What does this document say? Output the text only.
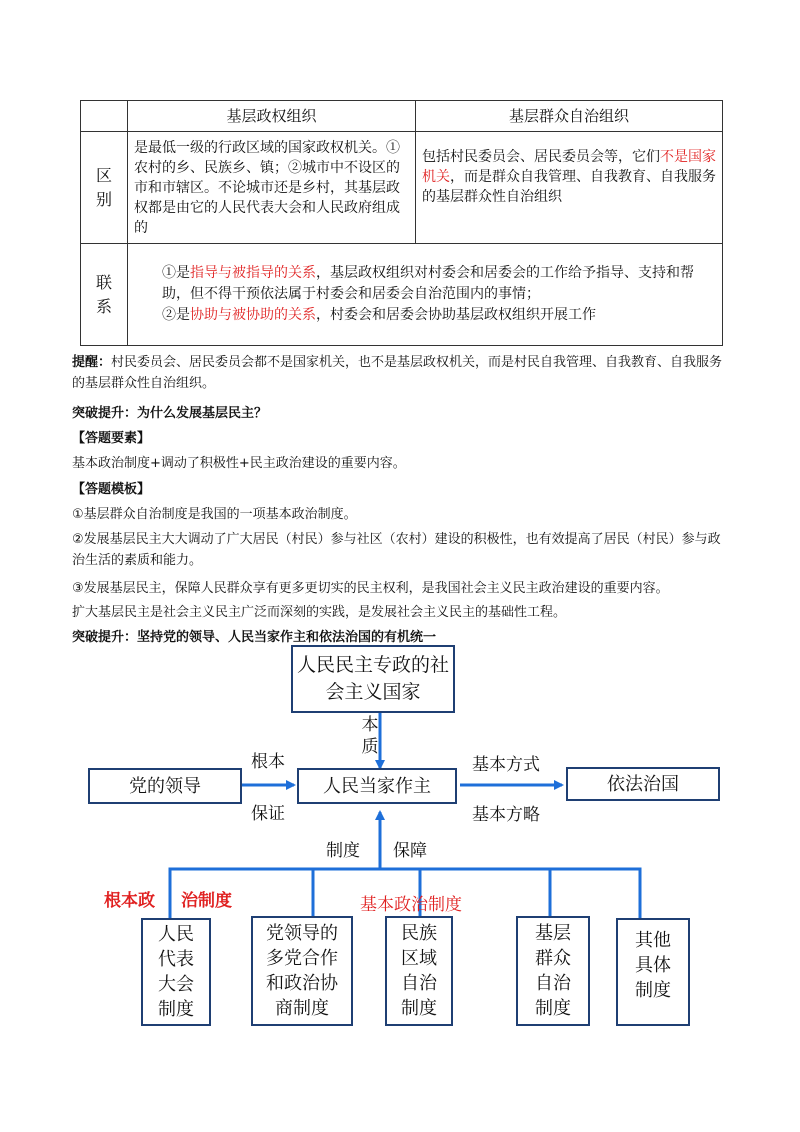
	基层政权组织	基层群众自治组织
区别	是最低一级的行政区域的国家政权机关。①农村的乡、民族乡、镇；②城市中不设区的市和市辖区。不论城市还是乡村，其基层政权都是由它的人民代表大会和人民政府组成的	包括村民委员会、居民委员会等，它们不是国家机关，而是群众自我管理、自我教育、自我服务的基层群众性自治组织

联系	①是指导与被指导的关系，基层政权组织对村委会和居委会的工作给予指导、支持和帮助，但不得干预依法属于村委会和居委会自治范围内的事情；
②是协助与被协助的关系，村委会和居委会协助基层政权组织开展工作	
提醒：村民委员会、居民委员会都不是国家机关，也不是基层政权机关，而是村民自我管理、自我教育、自我服务的基层群众性自治组织。
突破提升：为什么发展基层民主？
【答题要素】
基本政治制度+调动了积极性+民主政治建设的重要内容。
【答题模板】
①基层群众自治制度是我国的一项基本政治制度。
②发展基层民主大大调动了广大居民（村民）参与社区（农村）建设的积极性，也有效提高了居民（村民）参与政治生活的素质和能力。
③发展基层民主，保障人民群众享有更多更切实的民主权利，是我国社会主义民主政治建设的重要内容。
扩大基层民主是社会主义民主广泛而深刻的实践，是发展社会主义民主的基础性工程。
突破提升：坚持党的领导、人民当家作主和依法治国的有机统一
人民民主专政的社会主义国家
本质
党的领导
根本
保证
人民当家作主
基本方式
基本方略
依法治国
制度 保障
根本政 治制度	基本政治制度
人民代表大会制度
党领导的多党合作和政治协商制度
民族区域自治制度
基层群众自治制度
其他具体制度
